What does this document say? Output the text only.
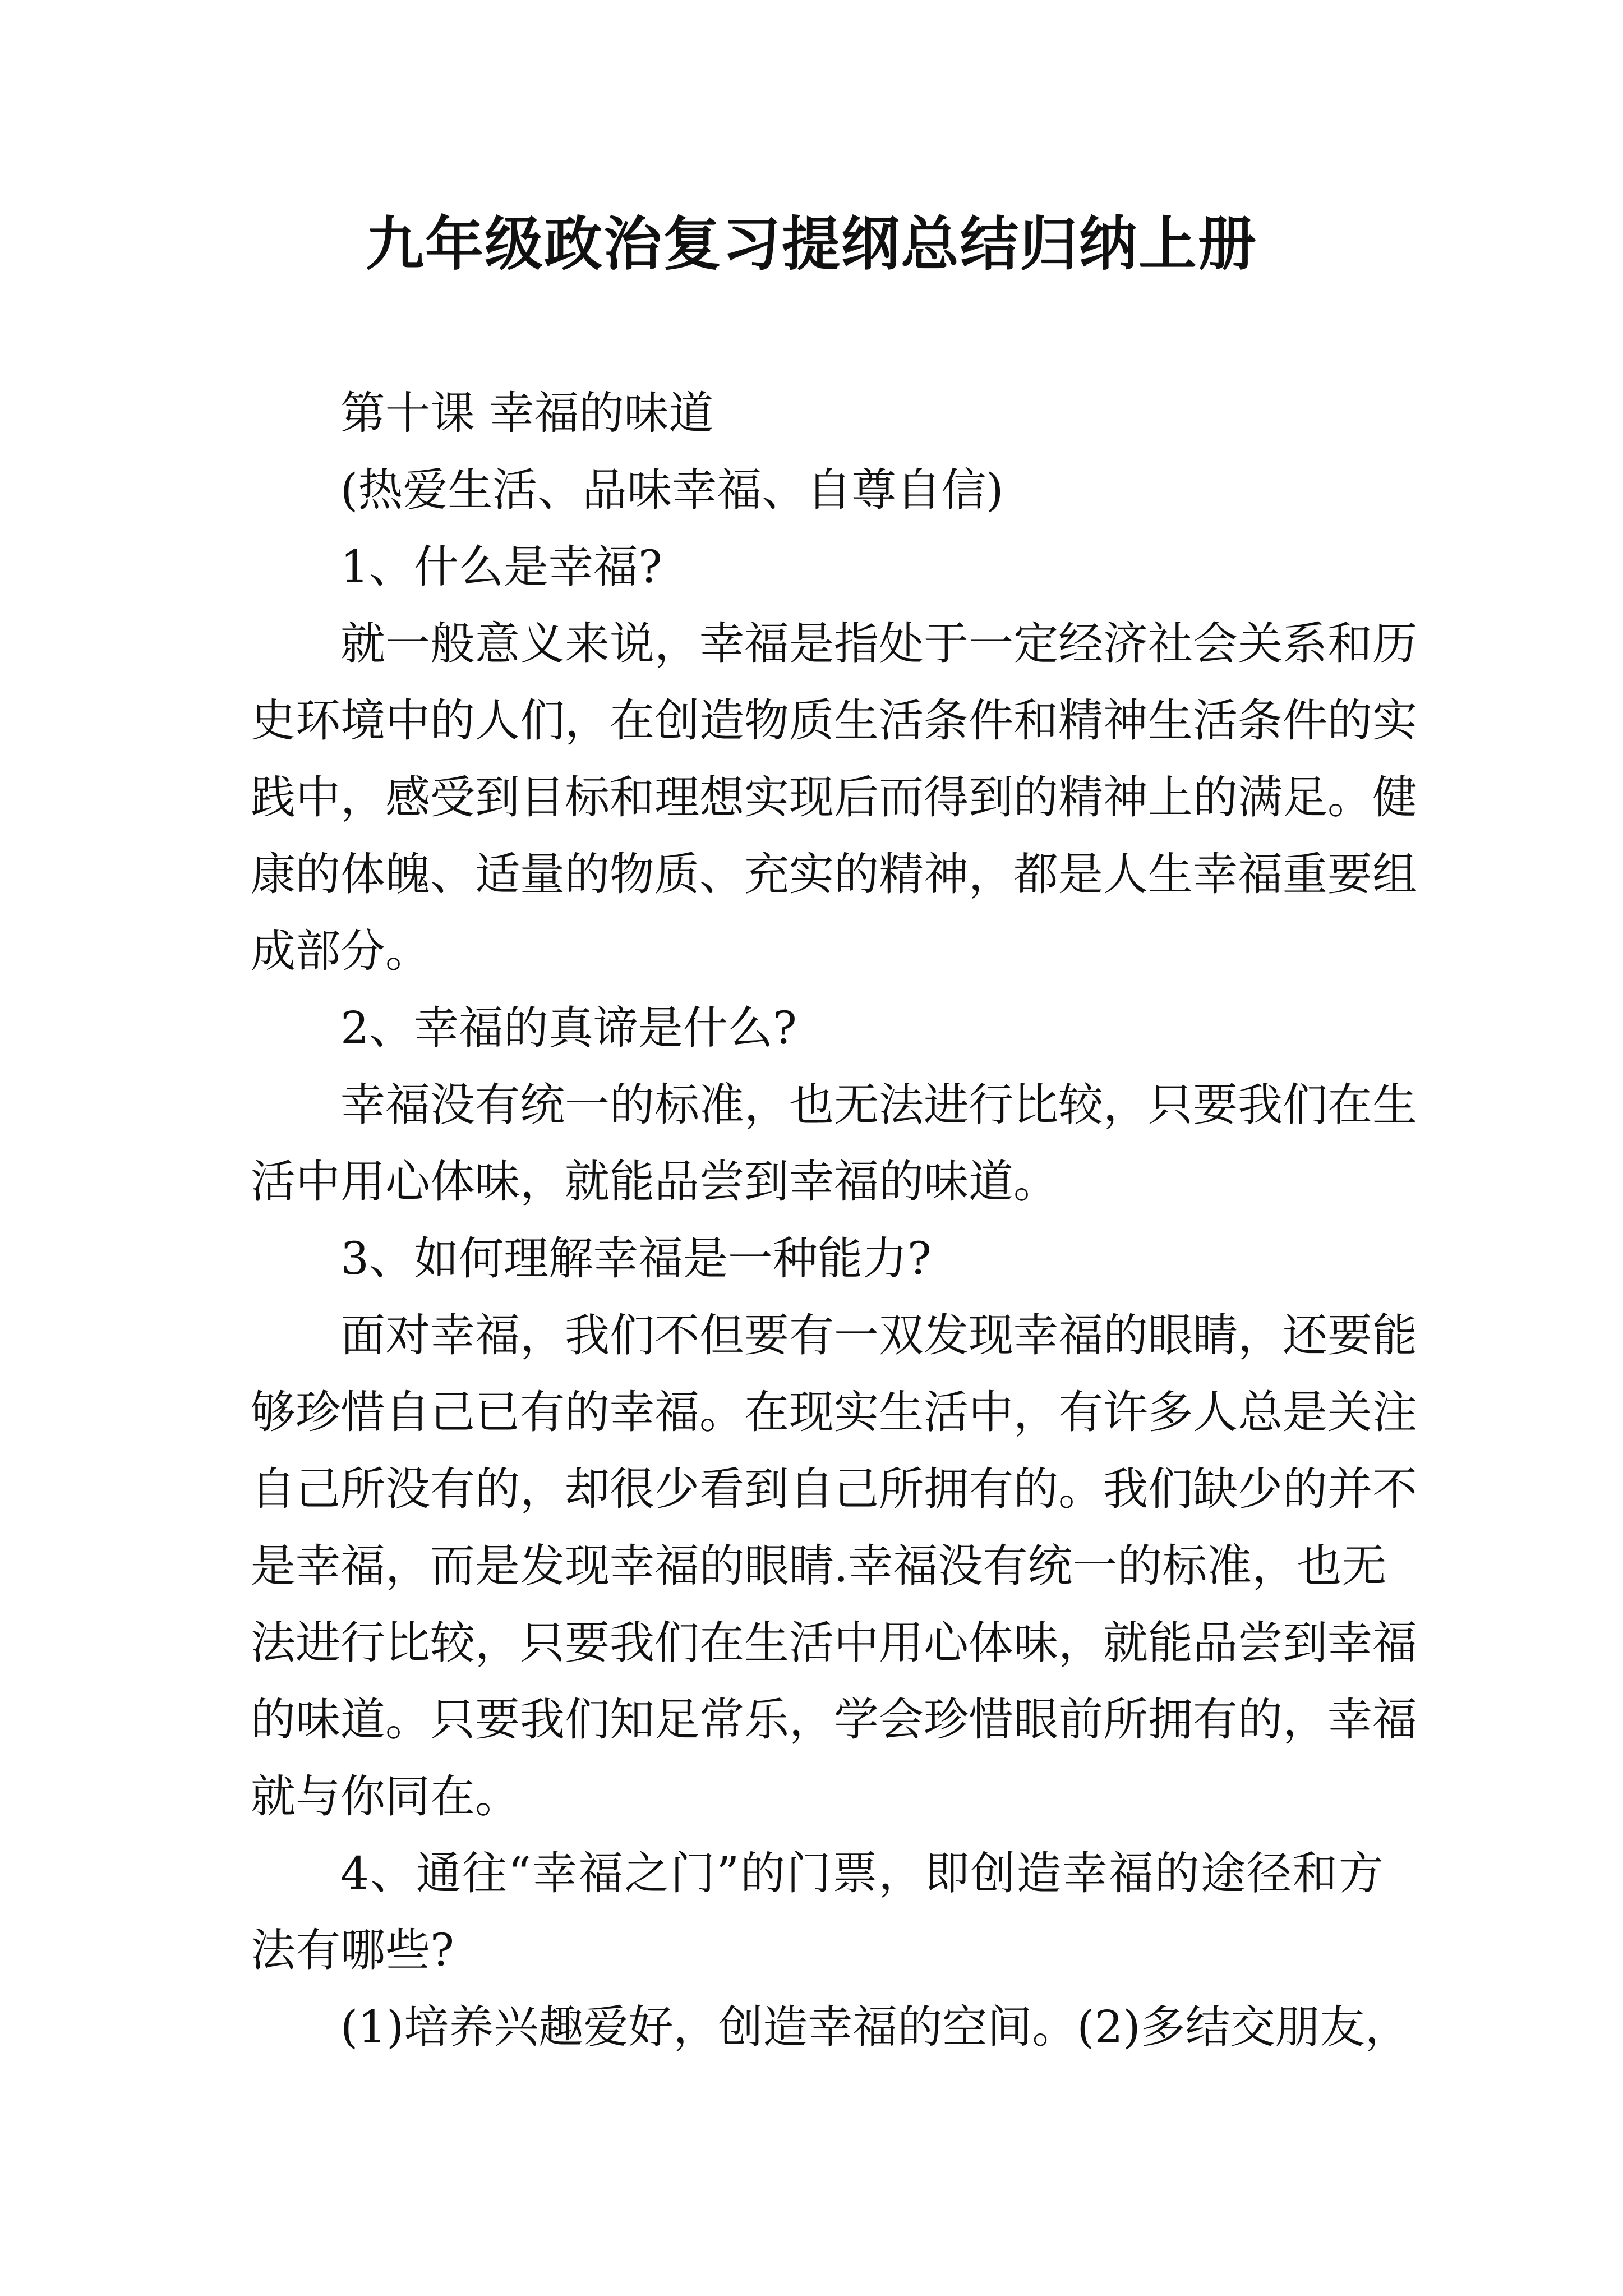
九年级政治复习提纲总结归纳上册
第十课 幸福的味道
(热爱生活、品味幸福、自尊自信)
1、什么是幸福?
就一般意义来说，幸福是指处于一定经济社会关系和历
史环境中的人们，在创造物质生活条件和精神生活条件的实
践中，感受到目标和理想实现后而得到的精神上的满足。健
康的体魄、适量的物质、充实的精神，都是人生幸福重要组
成部分。
2、幸福的真谛是什么?
幸福没有统一的标准，也无法进行比较，只要我们在生
活中用心体味，就能品尝到幸福的味道。
3、如何理解幸福是一种能力?
面对幸福，我们不但要有一双发现幸福的眼睛，还要能
够珍惜自己已有的幸福。在现实生活中，有许多人总是关注
自己所没有的，却很少看到自己所拥有的。我们缺少的并不
是幸福，而是发现幸福的眼睛.幸福没有统一的标准，也无
法进行比较，只要我们在生活中用心体味，就能品尝到幸福
的味道。只要我们知足常乐，学会珍惜眼前所拥有的，幸福
就与你同在。
4、通往“幸福之门”的门票，即创造幸福的途径和方
法有哪些?
(1)培养兴趣爱好，创造幸福的空间。(2)多结交朋友，
